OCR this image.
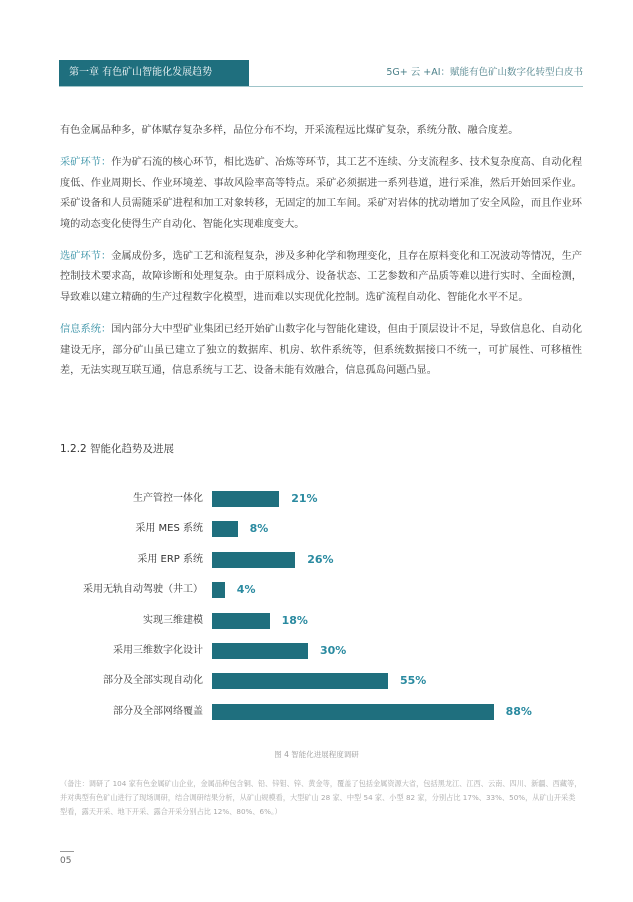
第一章 有色矿山智能化发展趋势	5G+ 云 +AI：赋能有色矿山数字化转型白皮书

有色金属品种多，矿体赋存复杂多样，品位分布不均，开采流程远比煤矿复杂，系统分散、融合度差。

采矿环节：作为矿石流的核心环节，相比选矿、冶炼等环节，其工艺不连续、分支流程多、技术复杂度高、自动化程度低、作业周期长、作业环境差、事故风险率高等特点。采矿必须据进一系列巷道，进行采准，然后开始回采作业。采矿设备和人员需随采矿进程和加工对象转移，无固定的加工车间。采矿对岩体的扰动增加了安全风险，而且作业环境的动态变化使得生产自动化、智能化实现难度变大。

选矿环节：金属成份多，选矿工艺和流程复杂，涉及多种化学和物理变化，且存在原料变化和工况波动等情况，生产控制技术要求高，故障诊断和处理复杂。由于原料成分、设备状态、工艺参数和产品质等难以进行实时、全面检测，导致难以建立精确的生产过程数字化模型，进而难以实现优化控制。选矿流程自动化、智能化水平不足。

信息系统：国内部分大中型矿业集团已经开始矿山数字化与智能化建设，但由于顶层设计不足，导致信息化、自动化建设无序，部分矿山虽已建立了独立的数据库、机房、软件系统等，但系统数据接口不统一，可扩展性、可移植性差，无法实现互联互通，信息系统与工艺、设备未能有效融合，信息孤岛问题凸显。

1.2.2 智能化趋势及进展
生产管控一体化	21%
采用 MES 系统	8%
采用 ERP 系统	26%
采用无轨自动驾驶（井工）	4%
实现三维建模	18%
采用三维数字化设计	30%
部分及全部实现自动化	55%
部分及全部网络覆盖	88%
图 4 智能化进展程度调研
（备注：调研了 104 家有色金属矿山企业，金属品种包含铜、铅、锌钼、锌、黄金等，覆盖了包括金属资源大省，包括黑龙江、江西、云南、四川、新疆、西藏等，并对典型有色矿山进行了现场调研，结合调研结果分析，从矿山规模看，大型矿山 28 家、中型 54 家、小型 82 家，分别占比 17%、33%、50%，从矿山开采类型看，露天开采、地下开采、露合开采分别占比 12%、80%、6%。）
05
